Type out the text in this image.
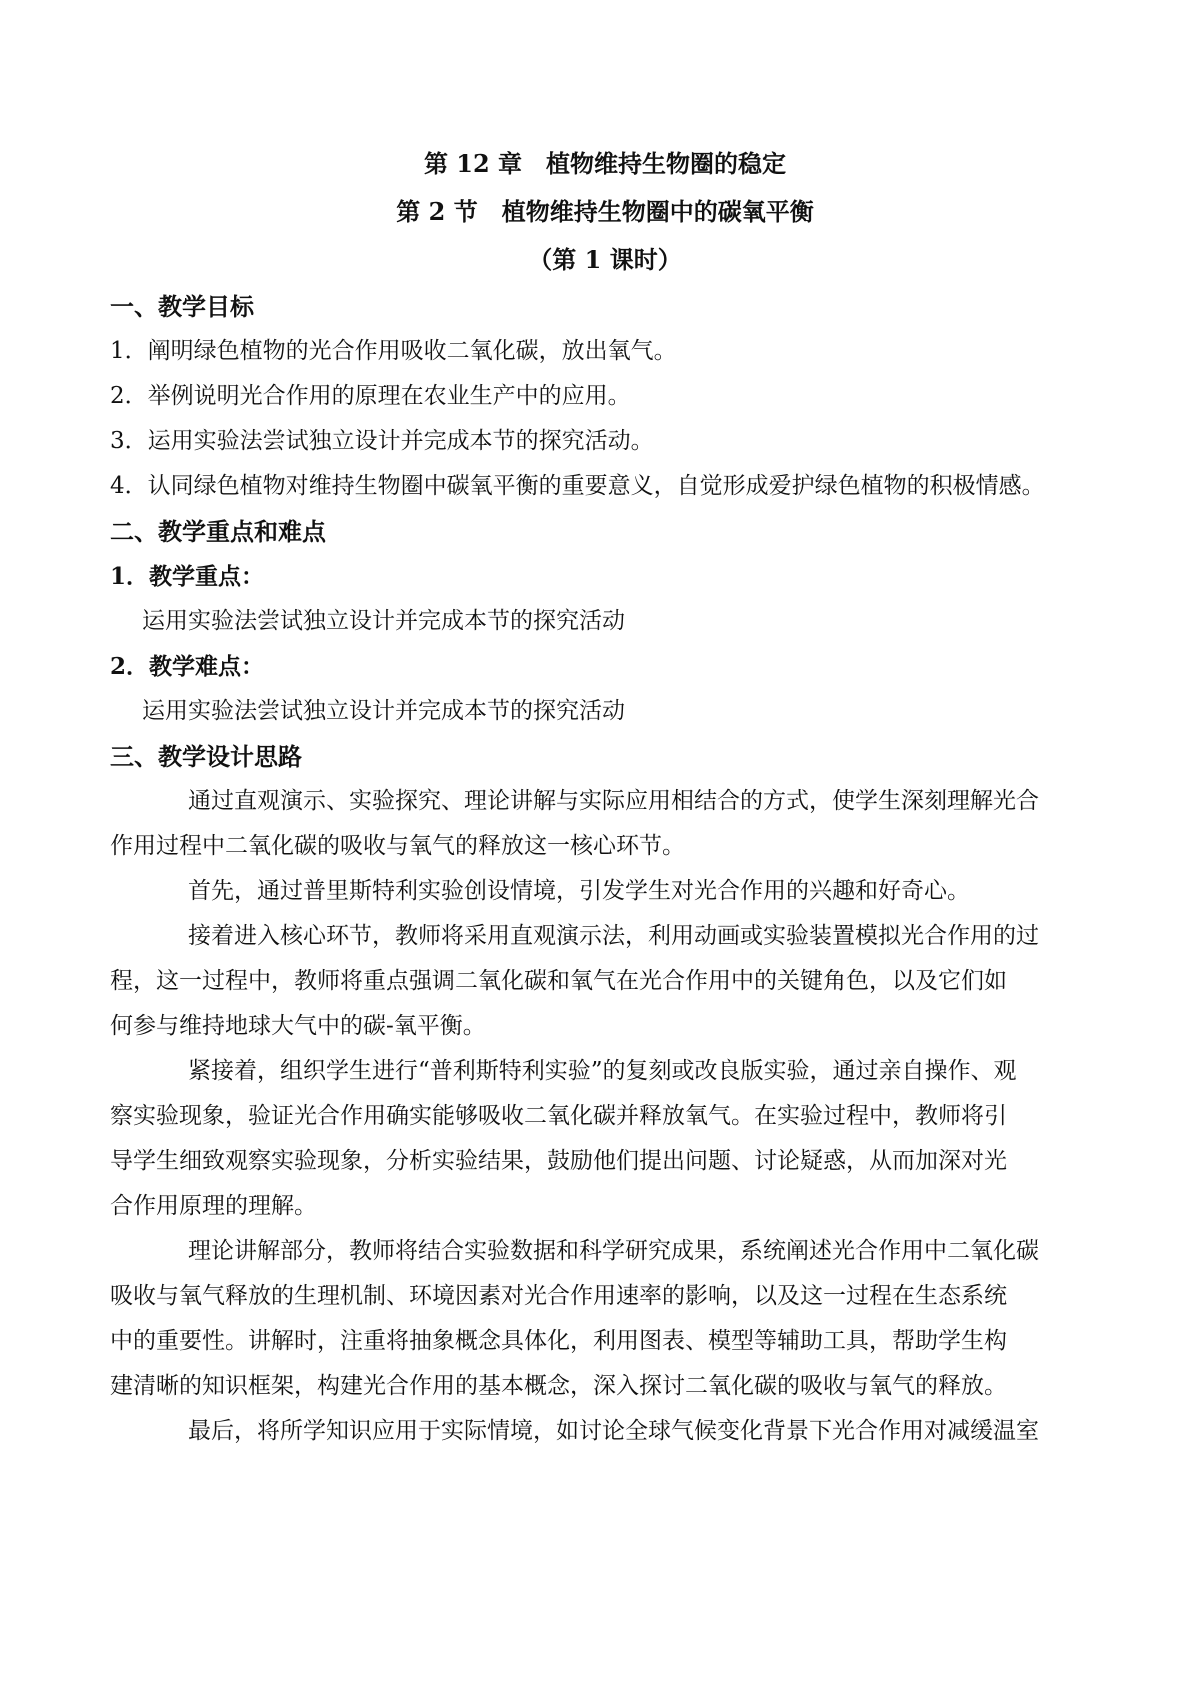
第 12 章　植物维持生物圈的稳定

第 2 节　植物维持生物圈中的碳氧平衡

（第 1 课时）

一、教学目标

1．阐明绿色植物的光合作用吸收二氧化碳，放出氧气。

2．举例说明光合作用的原理在农业生产中的应用。

3．运用实验法尝试独立设计并完成本节的探究活动。

4．认同绿色植物对维持生物圈中碳氧平衡的重要意义，自觉形成爱护绿色植物的积极情感。

二、教学重点和难点

1．教学重点：

运用实验法尝试独立设计并完成本节的探究活动

2．教学难点：

运用实验法尝试独立设计并完成本节的探究活动

三、教学设计思路

通过直观演示、实验探究、理论讲解与实际应用相结合的方式，使学生深刻理解光合
作用过程中二氧化碳的吸收与氧气的释放这一核心环节。
首先，通过普里斯特利实验创设情境，引发学生对光合作用的兴趣和好奇心。
接着进入核心环节，教师将采用直观演示法，利用动画或实验装置模拟光合作用的过
程，这一过程中，教师将重点强调二氧化碳和氧气在光合作用中的关键角色，以及它们如
何参与维持地球大气中的碳-氧平衡。
紧接着，组织学生进行“普利斯特利实验”的复刻或改良版实验，通过亲自操作、观
察实验现象，验证光合作用确实能够吸收二氧化碳并释放氧气。在实验过程中，教师将引
导学生细致观察实验现象，分析实验结果，鼓励他们提出问题、讨论疑惑，从而加深对光
合作用原理的理解。
理论讲解部分，教师将结合实验数据和科学研究成果，系统阐述光合作用中二氧化碳
吸收与氧气释放的生理机制、环境因素对光合作用速率的影响，以及这一过程在生态系统
中的重要性。讲解时，注重将抽象概念具体化，利用图表、模型等辅助工具，帮助学生构
建清晰的知识框架，构建光合作用的基本概念，深入探讨二氧化碳的吸收与氧气的释放。
最后，将所学知识应用于实际情境，如讨论全球气候变化背景下光合作用对减缓温室
